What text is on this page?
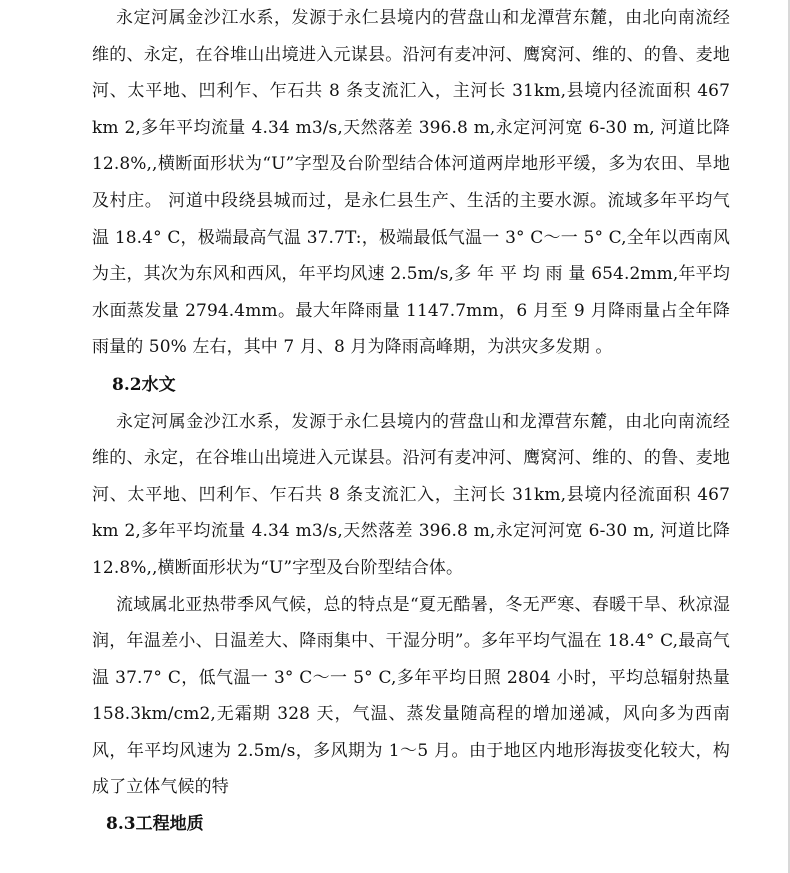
永定河属金沙江水系，发源于永仁县境内的营盘山和龙潭营东麓，由北向南流经维的、永定，在谷堆山出境进入元谋县。沿河有麦冲河、鹰窝河、维的、的鲁、麦地河、太平地、凹利乍、乍石共 8 条支流汇入，主河长 31km,县境内径流面积 467 km 2,多年平均流量 4.34 m3/s,天然落差 396.8 m,永定河河宽 6-30 m, 河道比降 12.8%,,横断面形状为“U”字型及台阶型结合体河道两岸地形平缓，多为农田、旱地及村庄。 河道中段绕县城而过，是永仁县生产、生活的主要水源。流域多年平均气温 18.4° C，极端最高气温 37.7T:，极端最低气温一 3° C～一 5° C,全年以西南风为主，其次为东风和西风，年平均风速 2.5m/s,多 年 平 均 雨 量 654.2mm,年平均水面蒸发量 2794.4mm。最大年降雨量 1147.7mm，6 月至 9 月降雨量占全年降雨量的 50% 左右，其中 7 月、8 月为降雨高峰期，为洪灾多发期 。

8.2水文

永定河属金沙江水系，发源于永仁县境内的营盘山和龙潭营东麓，由北向南流经维的、永定，在谷堆山出境进入元谋县。沿河有麦冲河、鹰窝河、维的、的鲁、麦地河、太平地、凹利乍、乍石共 8 条支流汇入，主河长 31km,县境内径流面积 467 km 2,多年平均流量 4.34 m3/s,天然落差 396.8 m,永定河河宽 6-30 m, 河道比降 12.8%,,横断面形状为“U”字型及台阶型结合体。

流域属北亚热带季风气候，总的特点是“夏无酷暑，冬无严寒、春暖干旱、秋凉湿润，年温差小、日温差大、降雨集中、干湿分明”。多年平均气温在 18.4° C,最高气温 37.7° C，低气温一 3° C～一 5° C,多年平均日照 2804 小时，平均总辐射热量 158.3km/cm2,无霜期 328 天，气温、蒸发量随高程的增加递减，风向多为西南风，年平均风速为 2.5m/s，多风期为 1～5 月。由于地区内地形海拔变化较大，构成了立体气候的特

8.3工程地质
